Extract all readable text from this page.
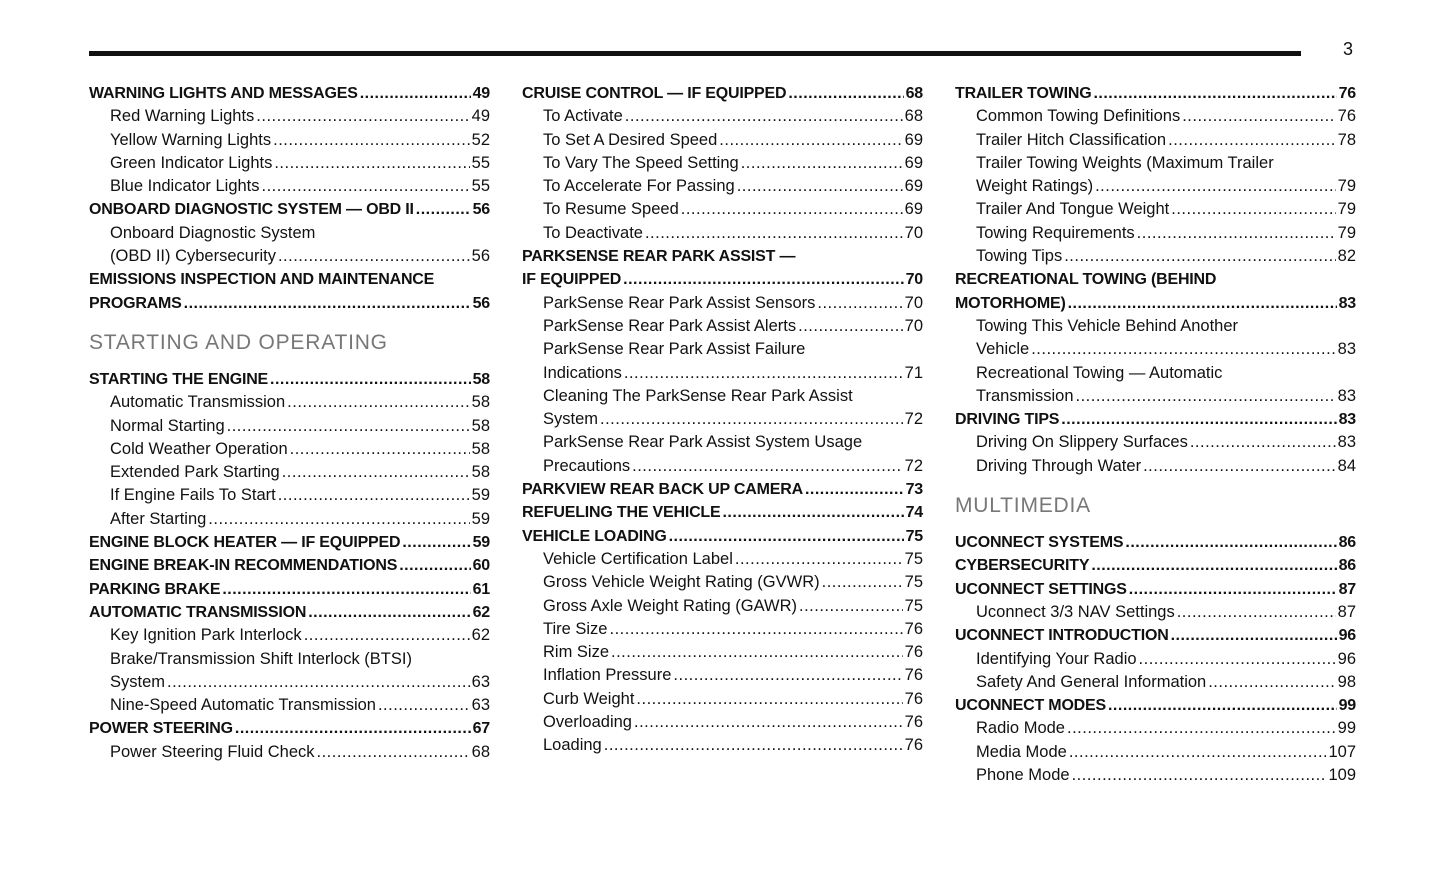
3
WARNING LIGHTS AND MESSAGES .....	49
Red Warning Lights .....	49
Yellow Warning Lights .....	52
Green Indicator Lights .....	55
Blue Indicator Lights .....	55
ONBOARD DIAGNOSTIC SYSTEM — OBD II .....	56
Onboard Diagnostic System
(OBD II) Cybersecurity .....	56
EMISSIONS INSPECTION AND MAINTENANCE
PROGRAMS .....	56
STARTING AND OPERATING
STARTING THE ENGINE .....	58
Automatic Transmission .....	58
Normal Starting .....	58
Cold Weather Operation .....	58
Extended Park Starting .....	58
If Engine Fails To Start .....	59
After Starting .....	59
ENGINE BLOCK HEATER — IF EQUIPPED .....	59
ENGINE BREAK-IN RECOMMENDATIONS .....	60
PARKING BRAKE .....	61
AUTOMATIC TRANSMISSION .....	62
Key Ignition Park Interlock .....	62
Brake/Transmission Shift Interlock (BTSI)
System .....	63
Nine-Speed Automatic Transmission .....	63
POWER STEERING .....	67
Power Steering Fluid Check .....	68
CRUISE CONTROL — IF EQUIPPED .....	68
To Activate .....	68
To Set A Desired Speed .....	69
To Vary The Speed Setting .....	69
To Accelerate For Passing .....	69
To Resume Speed .....	69
To Deactivate .....	70
PARKSENSE REAR PARK ASSIST —
IF EQUIPPED .....	70
ParkSense Rear Park Assist Sensors .....	70
ParkSense Rear Park Assist Alerts .....	70
ParkSense Rear Park Assist Failure
Indications .....	71
Cleaning The ParkSense Rear Park Assist
System .....	72
ParkSense Rear Park Assist System Usage
Precautions .....	72
PARKVIEW REAR BACK UP CAMERA .....	73
REFUELING THE VEHICLE .....	74
VEHICLE LOADING .....	75
Vehicle Certification Label .....	75
Gross Vehicle Weight Rating (GVWR) .....	75
Gross Axle Weight Rating (GAWR) .....	75
Tire Size .....	76
Rim Size .....	76
Inflation Pressure .....	76
Curb Weight .....	76
Overloading .....	76
Loading .....	76
TRAILER TOWING .....	76
Common Towing Definitions .....	76
Trailer Hitch Classification .....	78
Trailer Towing Weights (Maximum Trailer
Weight Ratings) .....	79
Trailer And Tongue Weight .....	79
Towing Requirements .....	79
Towing Tips .....	82
RECREATIONAL TOWING (BEHIND
MOTORHOME) .....	83
Towing This Vehicle Behind Another
Vehicle .....	83
Recreational Towing — Automatic
Transmission .....	83
DRIVING TIPS .....	83
Driving On Slippery Surfaces .....	83
Driving Through Water .....	84
MULTIMEDIA
UCONNECT SYSTEMS .....	86
CYBERSECURITY .....	86
UCONNECT SETTINGS .....	87
Uconnect 3/3 NAV Settings .....	87
UCONNECT INTRODUCTION .....	96
Identifying Your Radio .....	96
Safety And General Information .....	98
UCONNECT MODES .....	99
Radio Mode .....	99
Media Mode .....	107
Phone Mode .....	109
